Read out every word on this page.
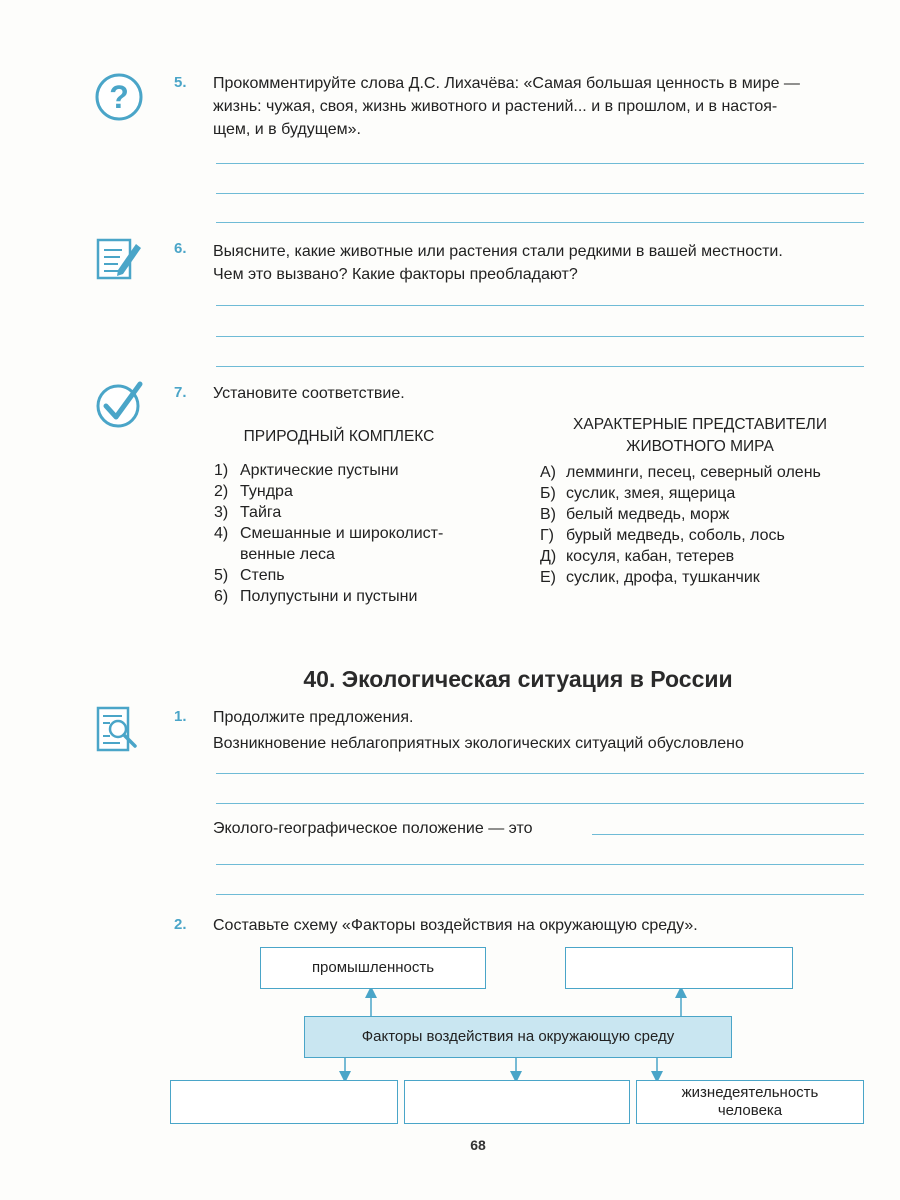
?	5. Прокомментируйте слова Д.С. Лихачёва: «Самая большая ценность в мире —
жизнь: чужая, своя, жизнь животного и растений... и в прошлом, и в настоя-
щем, и в будущем».
6. Выясните, какие животные или растения стали редкими в вашей местности.
Чем это вызвано? Какие факторы преобладают?
7. Установите соответствие.
ПРИРОДНЫЙ КОМПЛЕКС
ХАРАКТЕРНЫЕ ПРЕДСТАВИТЕЛИ
ЖИВОТНОГО МИРА
1) Арктические пустыни
2) Тундра
3) Тайга
4) Смешанные и широколист-
венные леса
5) Степь
6) Полупустыни и пустыни
А) лемминги, песец, северный олень
Б) суслик, змея, ящерица
В) белый медведь, морж
Г) бурый медведь, соболь, лось
Д) косуля, кабан, тетерев
Е) суслик, дрофа, тушканчик
40. Экологическая ситуация в России
1. Продолжите предложения.
Возникновение неблагоприятных экологических ситуаций обусловлено
Эколого-географическое положение — это
2. Составьте схему «Факторы воздействия на окружающую среду».
промышленность
Факторы воздействия на окружающую среду
жизнедеятельность
человека
68
